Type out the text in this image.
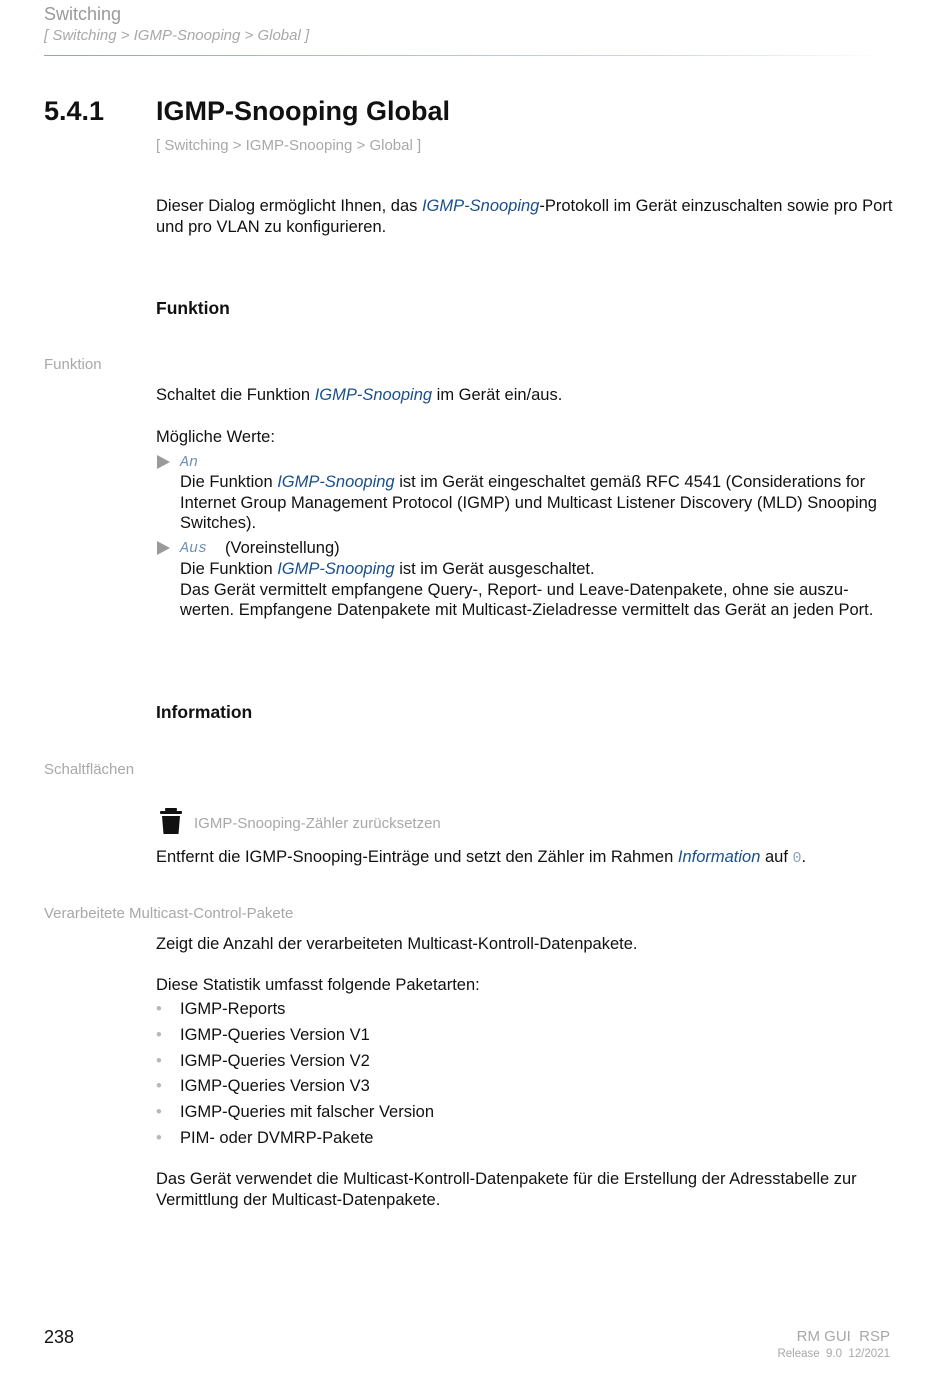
Switching
[ Switching > IGMP-Snooping > Global ]
5.4.1 IGMP-Snooping Global
[ Switching > IGMP-Snooping > Global ]
Dieser Dialog ermöglicht Ihnen, das IGMP-Snooping-Protokoll im Gerät einzuschalten sowie pro Port und pro VLAN zu konfigurieren.
Funktion
Funktion
Schaltet die Funktion IGMP-Snooping im Gerät ein/aus.
Mögliche Werte:
An
Die Funktion IGMP-Snooping ist im Gerät eingeschaltet gemäß RFC 4541 (Considerations for
Internet Group Management Protocol (IGMP) und Multicast Listener Discovery (MLD) Snooping
Switches).
Aus (Voreinstellung)
Die Funktion IGMP-Snooping ist im Gerät ausgeschaltet.
Das Gerät vermittelt empfangene Query-, Report- und Leave-Datenpakete, ohne sie auszu-
werten. Empfangene Datenpakete mit Multicast-Zieladresse vermittelt das Gerät an jeden Port.
Information
Schaltflächen
IGMP-Snooping-Zähler zurücksetzen
Entfernt die IGMP-Snooping-Einträge und setzt den Zähler im Rahmen Information auf 0.
Verarbeitete Multicast-Control-Pakete
Zeigt die Anzahl der verarbeiteten Multicast-Kontroll-Datenpakete.
Diese Statistik umfasst folgende Paketarten:
• IGMP-Reports
• IGMP-Queries Version V1
• IGMP-Queries Version V2
• IGMP-Queries Version V3
• IGMP-Queries mit falscher Version
• PIM- oder DVMRP-Pakete
Das Gerät verwendet die Multicast-Kontroll-Datenpakete für die Erstellung der Adresstabelle zur
Vermittlung der Multicast-Datenpakete.
238	RM GUI  RSP
Release  9.0  12/2021
